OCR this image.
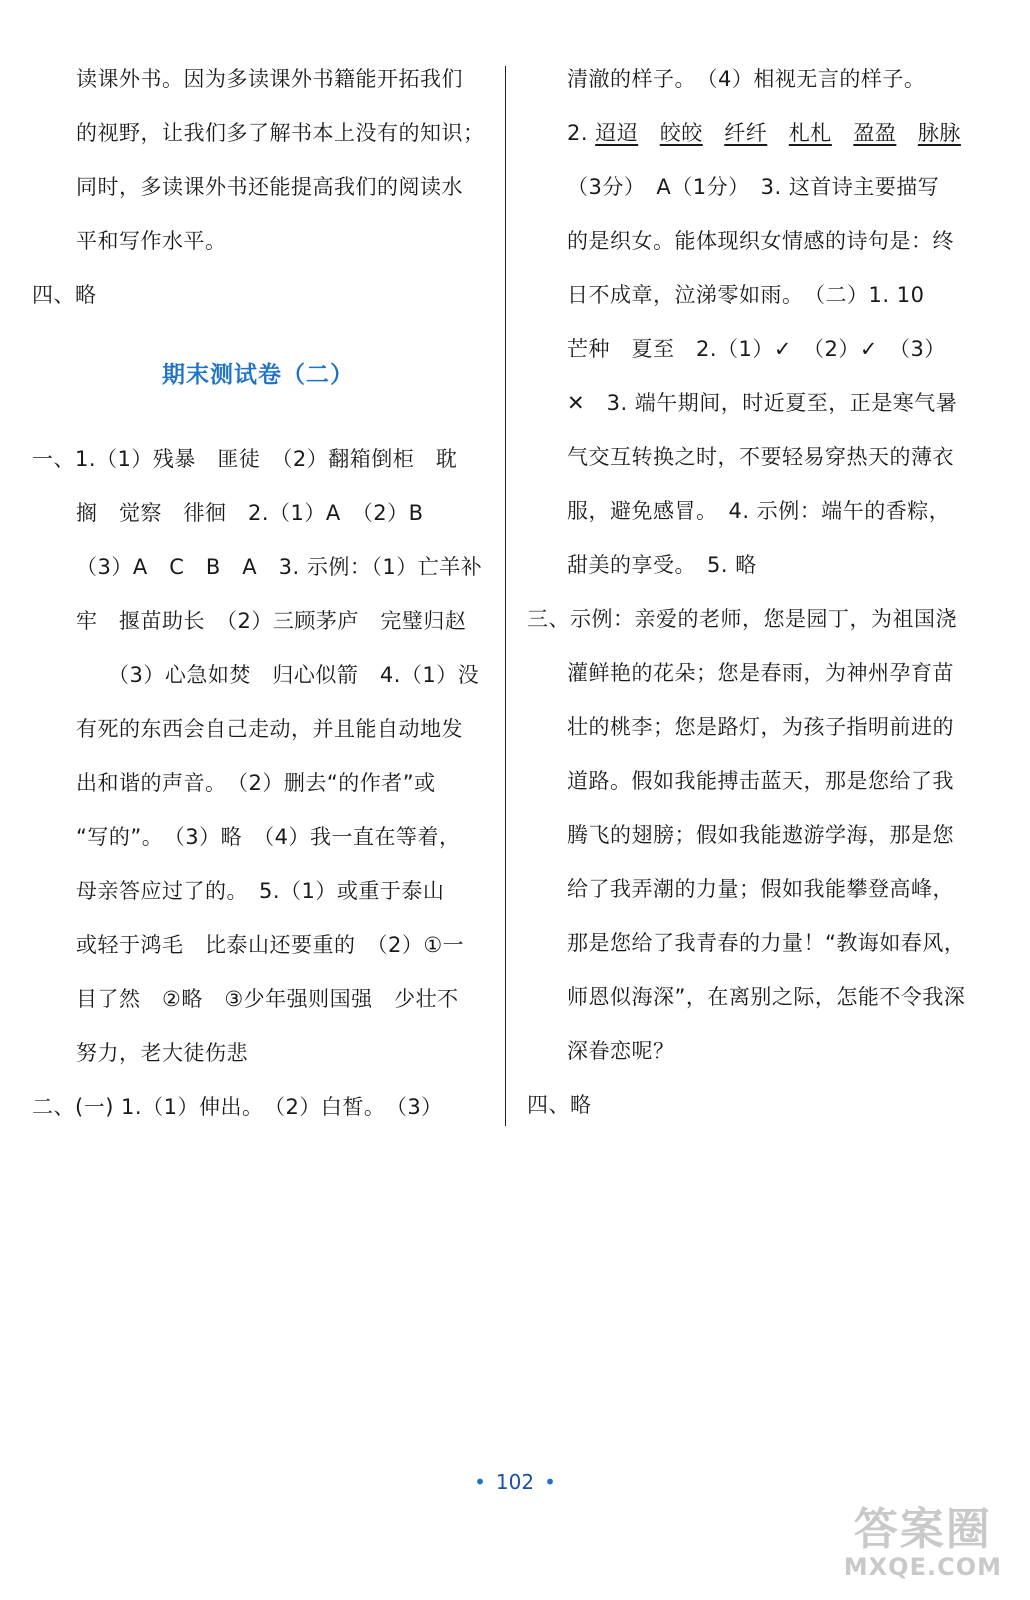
读课外书。因为多读课外书籍能开拓我们
的视野，让我们多了解书本上没有的知识；
同时，多读课外书还能提高我们的阅读水
平和写作水平。
四、略
期末测试卷（二）
一、1.（1）残暴　匪徒　（2）翻箱倒柜　耽
搁　觉察　徘徊　2.（1）A　（2）B
（3）A　C　B　A　3. 示例：（1）亡羊补
牢　揠苗助长　（2）三顾茅庐　完璧归赵
（3）心急如焚　归心似箭　4.（1）没
有死的东西会自己走动，并且能自动地发
出和谐的声音。　（2）删去“的作者”或
“写的”。　（3）略　（4）我一直在等着，
母亲答应过了的。　5.（1）或重于泰山
或轻于鸿毛　比泰山还要重的　（2）①一
目了然　②略　③少年强则国强　少壮不
努力，老大徒伤悲
二、(一) 1.（1）伸出。　（2）白皙。　（3）
清澈的样子。　（4）相视无言的样子。
2. 迢迢 皎皎 纤纤 札札 盈盈 脉脉
（3分）　A（1分）　3. 这首诗主要描写
的是织女。能体现织女情感的诗句是：终
日不成章，泣涕零如雨。　（二）1. 10
芒种　夏至　2.（1）✓　（2）✓　（3）
✕　3. 端午期间，时近夏至，正是寒气暑
气交互转换之时，不要轻易穿热天的薄衣
服，避免感冒。　4. 示例：端午的香粽，
甜美的享受。　5. 略
三、示例：亲爱的老师，您是园丁，为祖国浇
灌鲜艳的花朵；您是春雨，为神州孕育苗
壮的桃李；您是路灯，为孩子指明前进的
道路。假如我能搏击蓝天，那是您给了我
腾飞的翅膀；假如我能遨游学海，那是您
给了我弄潮的力量；假如我能攀登高峰，
那是您给了我青春的力量！“教诲如春风，
师恩似海深”，在离别之际，怎能不令我深
深眷恋呢？
四、略
• 102 •
答案圈
MXQE.COM
